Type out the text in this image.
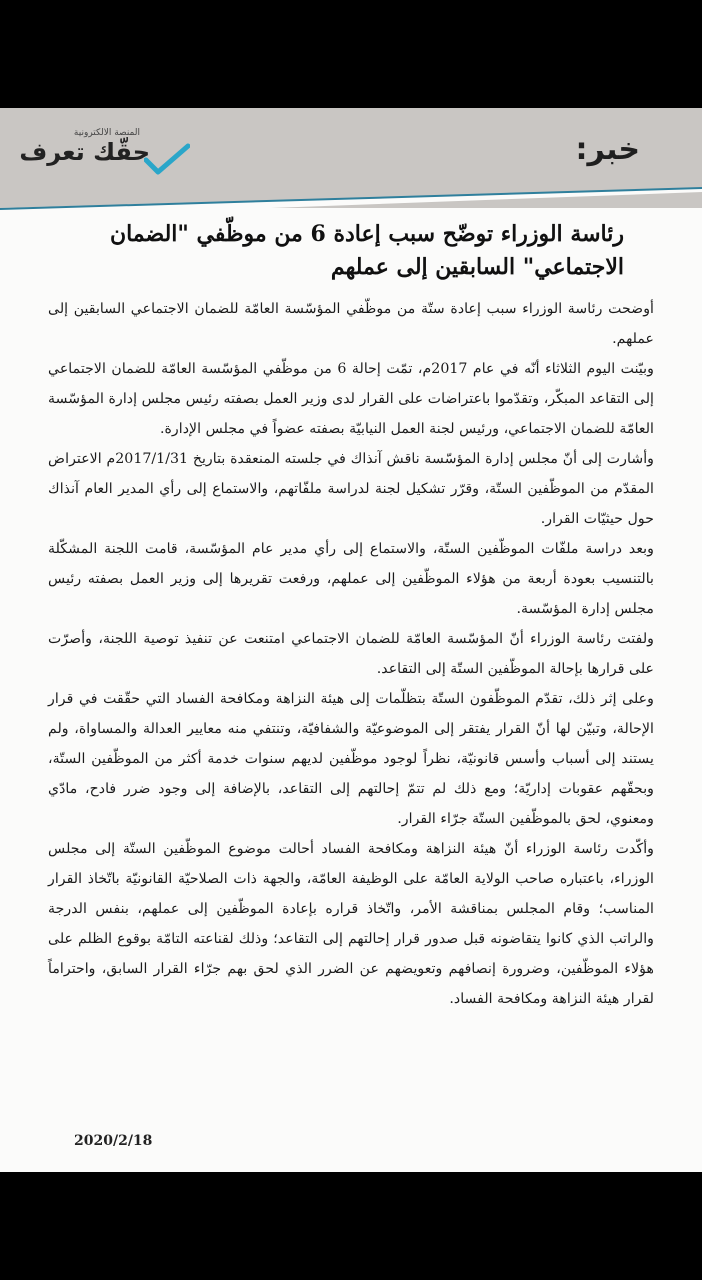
خبر:
المنصة الالكترونية
حقّك تعرف
رئاسة الوزراء توضّح سبب إعادة 6 من موظّفي "الضمان الاجتماعي" السابقين إلى عملهم

أوضحت رئاسة الوزراء سبب إعادة ستّة من موظّفي المؤسّسة العامّة للضمان الاجتماعي السابقين إلى عملهم.

وبيّنت اليوم الثلاثاء أنّه في عام 2017م، تمّت إحالة 6 من موظّفي المؤسّسة العامّة للضمان الاجتماعي إلى التقاعد المبكّر، وتقدّموا باعتراضات على القرار لدى وزير العمل بصفته رئيس مجلس إدارة المؤسّسة العامّة للضمان الاجتماعي، ورئيس لجنة العمل النيابيّة بصفته عضواً في مجلس الإدارة.

وأشارت إلى أنّ مجلس إدارة المؤسّسة ناقش آنذاك في جلسته المنعقدة بتاريخ 2017/1/31م الاعتراض المقدّم من الموظّفين الستّة، وقرّر تشكيل لجنة لدراسة ملفّاتهم، والاستماع إلى رأي المدير العام آنذاك حول حيثيّات القرار.

وبعد دراسة ملفّات الموظّفين الستّة، والاستماع إلى رأي مدير عام المؤسّسة، قامت اللجنة المشكّلة بالتنسيب بعودة أربعة من هؤلاء الموظّفين إلى عملهم، ورفعت تقريرها إلى وزير العمل بصفته رئيس مجلس إدارة المؤسّسة.

ولفتت رئاسة الوزراء أنّ المؤسّسة العامّة للضمان الاجتماعي امتنعت عن تنفيذ توصية اللجنة، وأصرّت على قرارها بإحالة الموظّفين الستّة إلى التقاعد.

وعلى إثر ذلك، تقدّم الموظّفون الستّة بتظلّمات إلى هيئة النزاهة ومكافحة الفساد التي حقّقت في قرار الإحالة، وتبيّن لها أنّ القرار يفتقر إلى الموضوعيّة والشفافيّة، وتنتفي منه معايير العدالة والمساواة، ولم يستند إلى أسباب وأسس قانونيّة، نظراً لوجود موظّفين لديهم سنوات خدمة أكثر من الموظّفين الستّة، وبحقّهم عقوبات إداريّة؛ ومع ذلك لم تتمّ إحالتهم إلى التقاعد، بالإضافة إلى وجود ضرر فادح، مادّي ومعنوي، لحق بالموظّفين الستّة جرّاء القرار.

وأكّدت رئاسة الوزراء أنّ هيئة النزاهة ومكافحة الفساد أحالت موضوع الموظّفين الستّة إلى مجلس الوزراء، باعتباره صاحب الولاية العامّة على الوظيفة العامّة، والجهة ذات الصلاحيّة القانونيّة باتّخاذ القرار المناسب؛ وقام المجلس بمناقشة الأمر، واتّخاذ قراره بإعادة الموظّفين إلى عملهم، بنفس الدرجة والراتب الذي كانوا يتقاضونه قبل صدور قرار إحالتهم إلى التقاعد؛ وذلك لقناعته التامّة بوقوع الظلم على هؤلاء الموظّفين، وضرورة إنصافهم وتعويضهم عن الضرر الذي لحق بهم جرّاء القرار السابق، واحتراماً لقرار هيئة النزاهة ومكافحة الفساد.

2020/2/18
